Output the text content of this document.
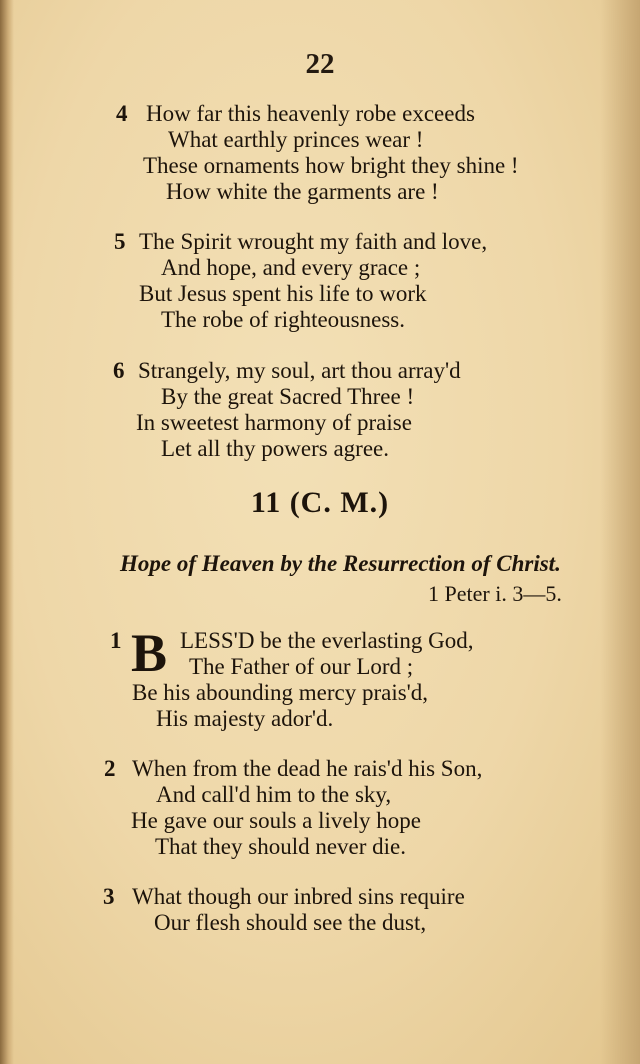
22
4 How far this heavenly robe exceeds
What earthly princes wear !
These ornaments how bright they shine !
How white the garments are !
5 The Spirit wrought my faith and love,
And hope, and every grace ;
But Jesus spent his life to work
The robe of righteousness.
6 Strangely, my soul, art thou array'd
By the great Sacred Three !
In sweetest harmony of praise
Let all thy powers agree.
11 (C. M.)
Hope of Heaven by the Resurrection of Christ.
1 Peter i. 3—5.
B
1	LESS'D be the everlasting God,
The Father of our Lord ;
Be his abounding mercy prais'd,
His majesty ador'd.
2 When from the dead he rais'd his Son,
And call'd him to the sky,
He gave our souls a lively hope
That they should never die.
3 What though our inbred sins require
Our flesh should see the dust,
